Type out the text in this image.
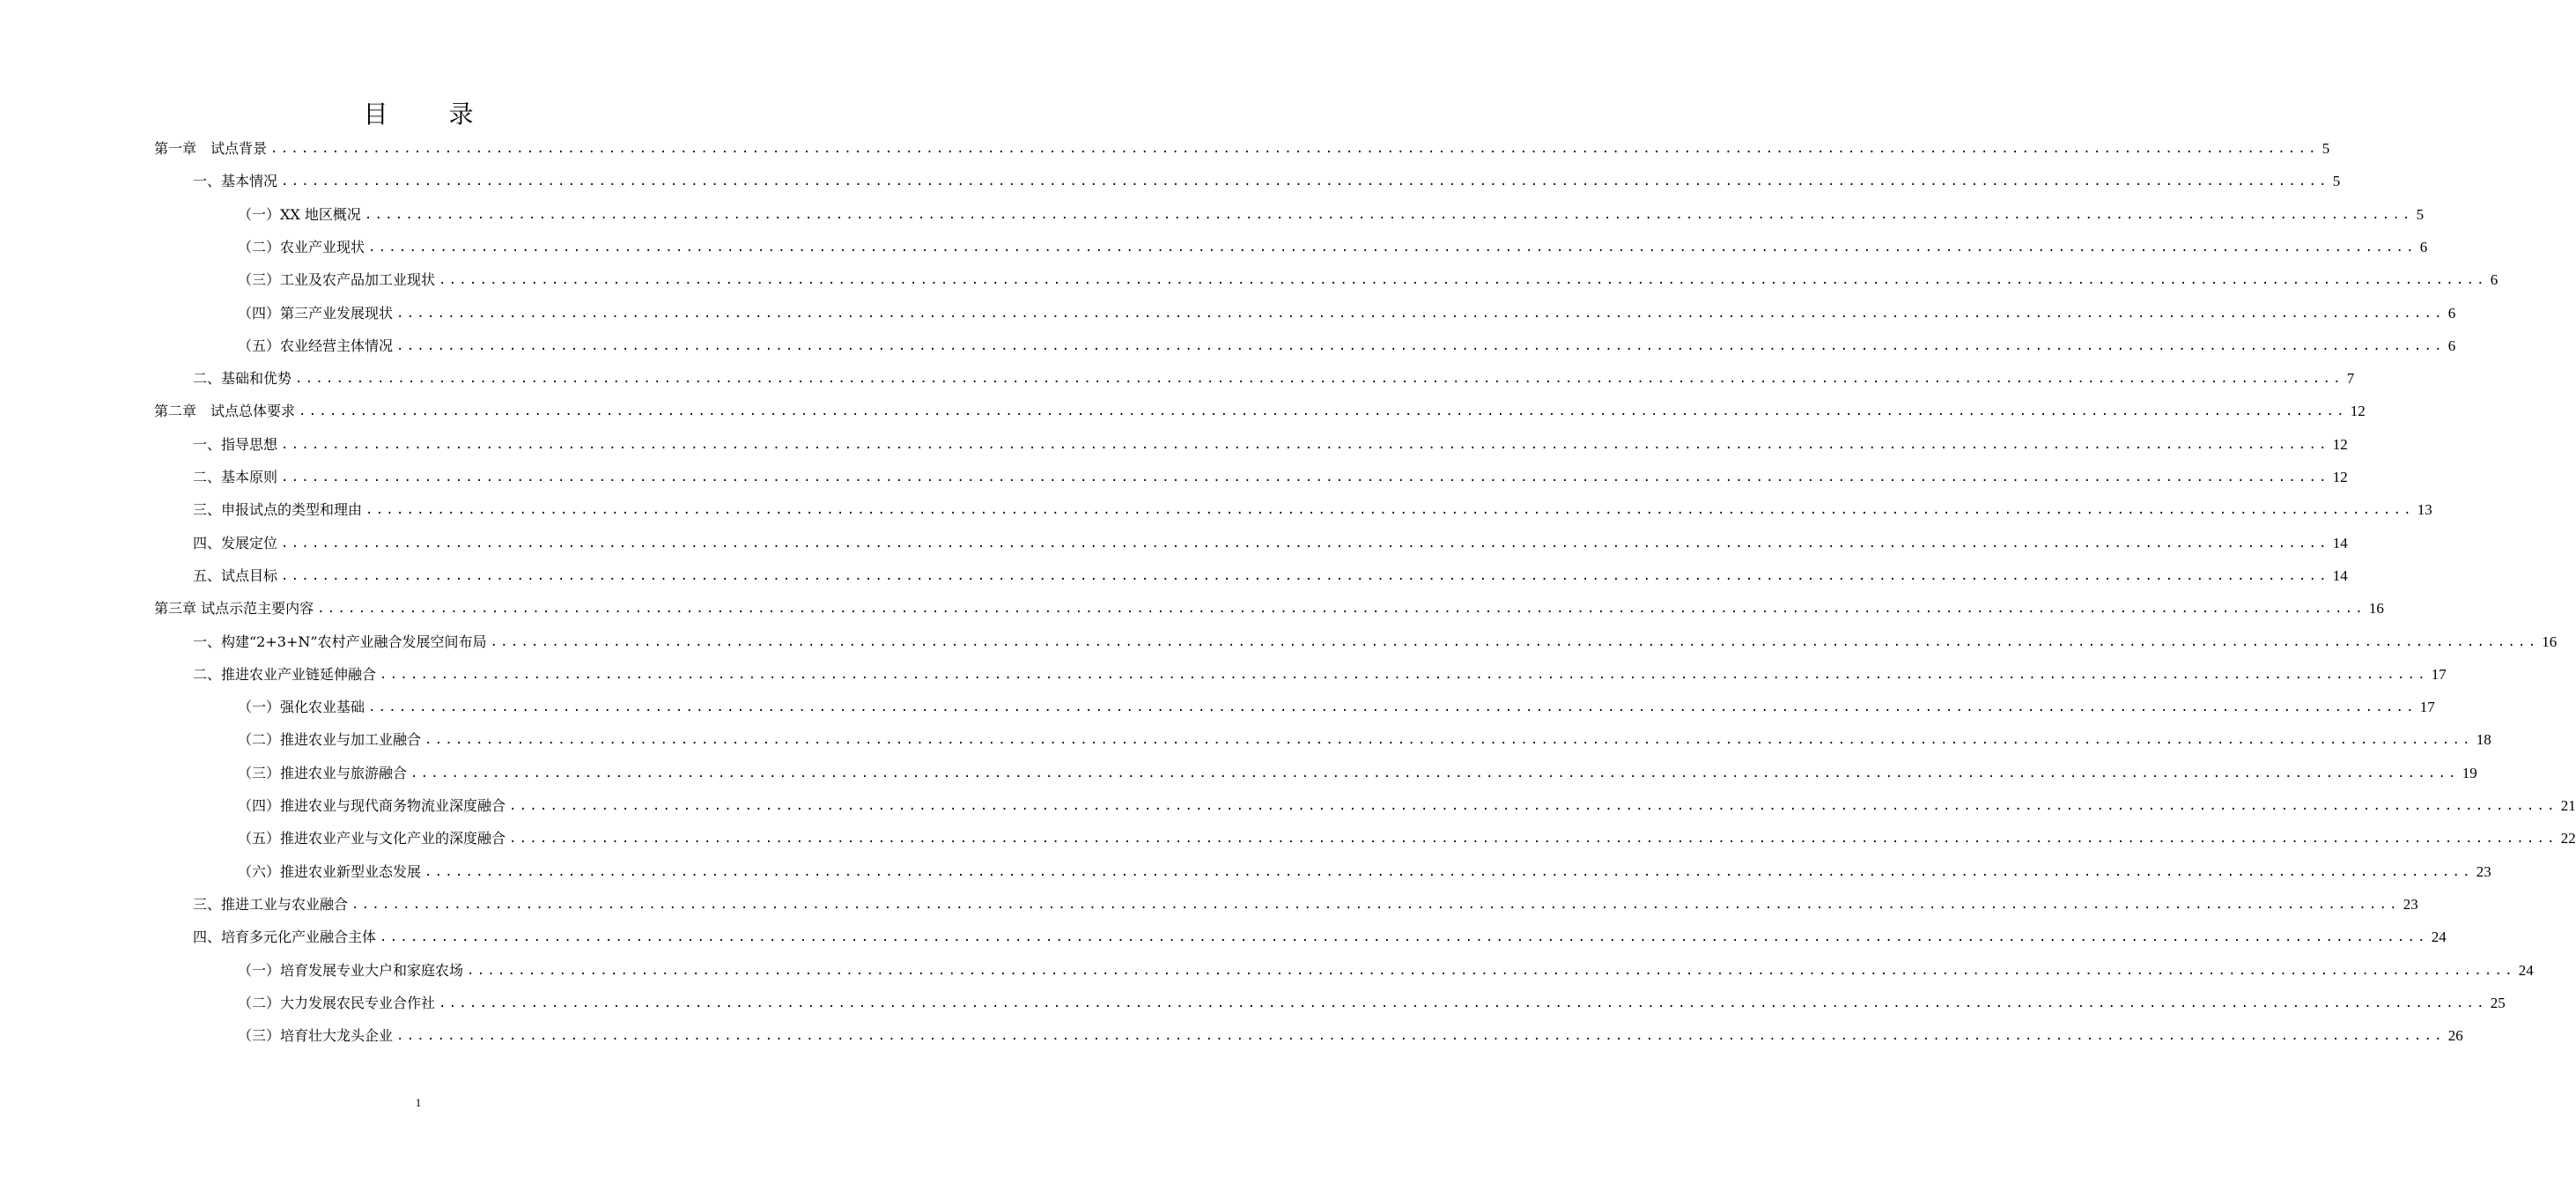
目 录
第一章　试点背景 ........................................................................................................................................................................................................ 5
一、基本情况 ........................................................................................................................................................................................................ 5
（一）XX 地区概况 ........................................................................................................................................................................................................ 5
（二）农业产业现状 ........................................................................................................................................................................................................ 6
（三）工业及农产品加工业现状 ........................................................................................................................................................................................................ 6
（四）第三产业发展现状 ........................................................................................................................................................................................................ 6
（五）农业经营主体情况 ........................................................................................................................................................................................................ 6
二、基础和优势 ........................................................................................................................................................................................................ 7
第二章　试点总体要求 ........................................................................................................................................................................................................ 12
一、指导思想 ........................................................................................................................................................................................................ 12
二、基本原则 ........................................................................................................................................................................................................ 12
三、申报试点的类型和理由 ........................................................................................................................................................................................................ 13
四、发展定位 ........................................................................................................................................................................................................ 14
五、试点目标 ........................................................................................................................................................................................................ 14
第三章 试点示范主要内容 ........................................................................................................................................................................................................ 16
一、构建“2+3+N”农村产业融合发展空间布局 ........................................................................................................................................................................................................ 16
二、推进农业产业链延伸融合 ........................................................................................................................................................................................................ 17
（一）强化农业基础 ........................................................................................................................................................................................................ 17
（二）推进农业与加工业融合 ........................................................................................................................................................................................................ 18
（三）推进农业与旅游融合 ........................................................................................................................................................................................................ 19
（四）推进农业与现代商务物流业深度融合 ........................................................................................................................................................................................................ 21
（五）推进农业产业与文化产业的深度融合 ........................................................................................................................................................................................................ 22
（六）推进农业新型业态发展 ........................................................................................................................................................................................................ 23
三、推进工业与农业融合 ........................................................................................................................................................................................................ 23
四、培育多元化产业融合主体 ........................................................................................................................................................................................................ 24
（一）培育发展专业大户和家庭农场 ........................................................................................................................................................................................................ 24
（二）大力发展农民专业合作社 ........................................................................................................................................................................................................ 25
（三）培育壮大龙头企业 ........................................................................................................................................................................................................ 26
1
